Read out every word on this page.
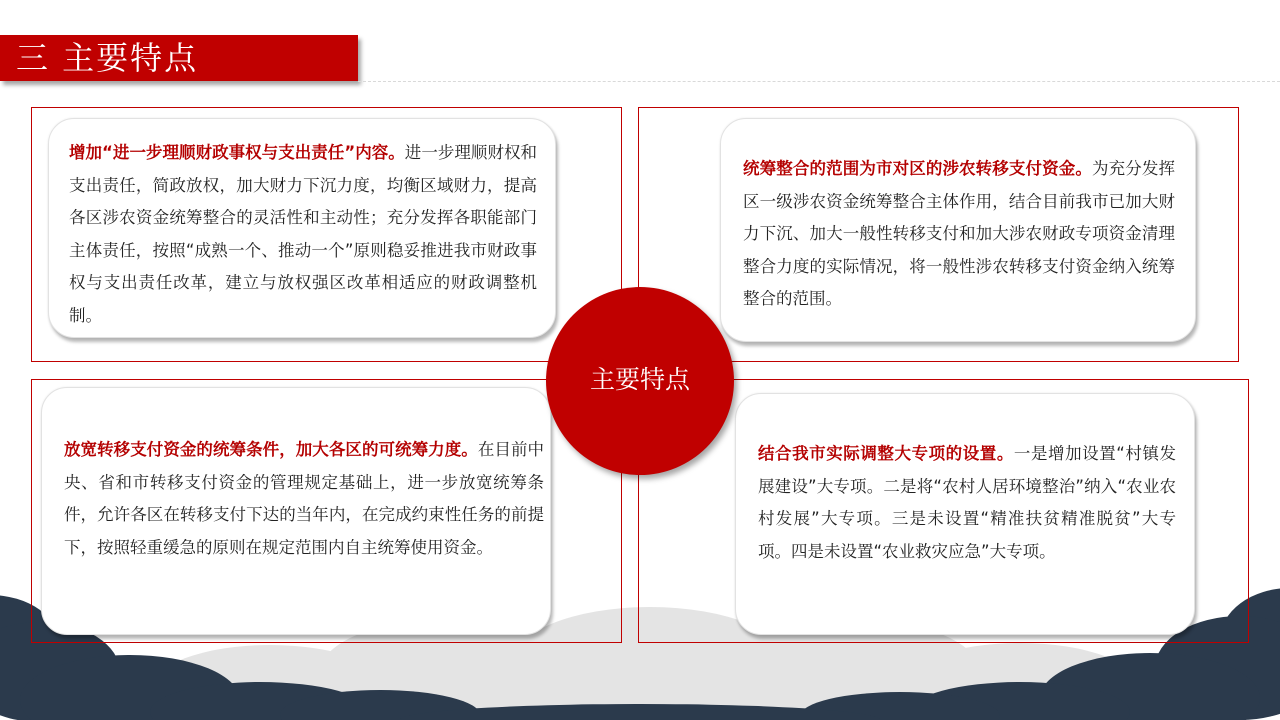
三 主要特点

增加“进一步理顺财政事权与支出责任”内容。进一步理顺财权和支出责任，简政放权，加大财力下沉力度，均衡区域财力，提高各区涉农资金统筹整合的灵活性和主动性；充分发挥各职能部门主体责任，按照“成熟一个、推动一个”原则稳妥推进我市财政事权与支出责任改革，建立与放权强区改革相适应的财政调整机制。

统筹整合的范围为市对区的涉农转移支付资金。为充分发挥区一级涉农资金统筹整合主体作用，结合目前我市已加大财力下沉、加大一般性转移支付和加大涉农财政专项资金清理整合力度的实际情况，将一般性涉农转移支付资金纳入统筹整合的范围。

放宽转移支付资金的统筹条件，加大各区的可统筹力度。在目前中央、省和市转移支付资金的管理规定基础上，进一步放宽统筹条件，允许各区在转移支付下达的当年内，在完成约束性任务的前提下，按照轻重缓急的原则在规定范围内自主统筹使用资金。

结合我市实际调整大专项的设置。一是增加设置“村镇发展建设”大专项。二是将“农村人居环境整治”纳入“农业农村发展”大专项。三是未设置“精准扶贫精准脱贫”大专项。四是未设置“农业救灾应急”大专项。

主要特点
